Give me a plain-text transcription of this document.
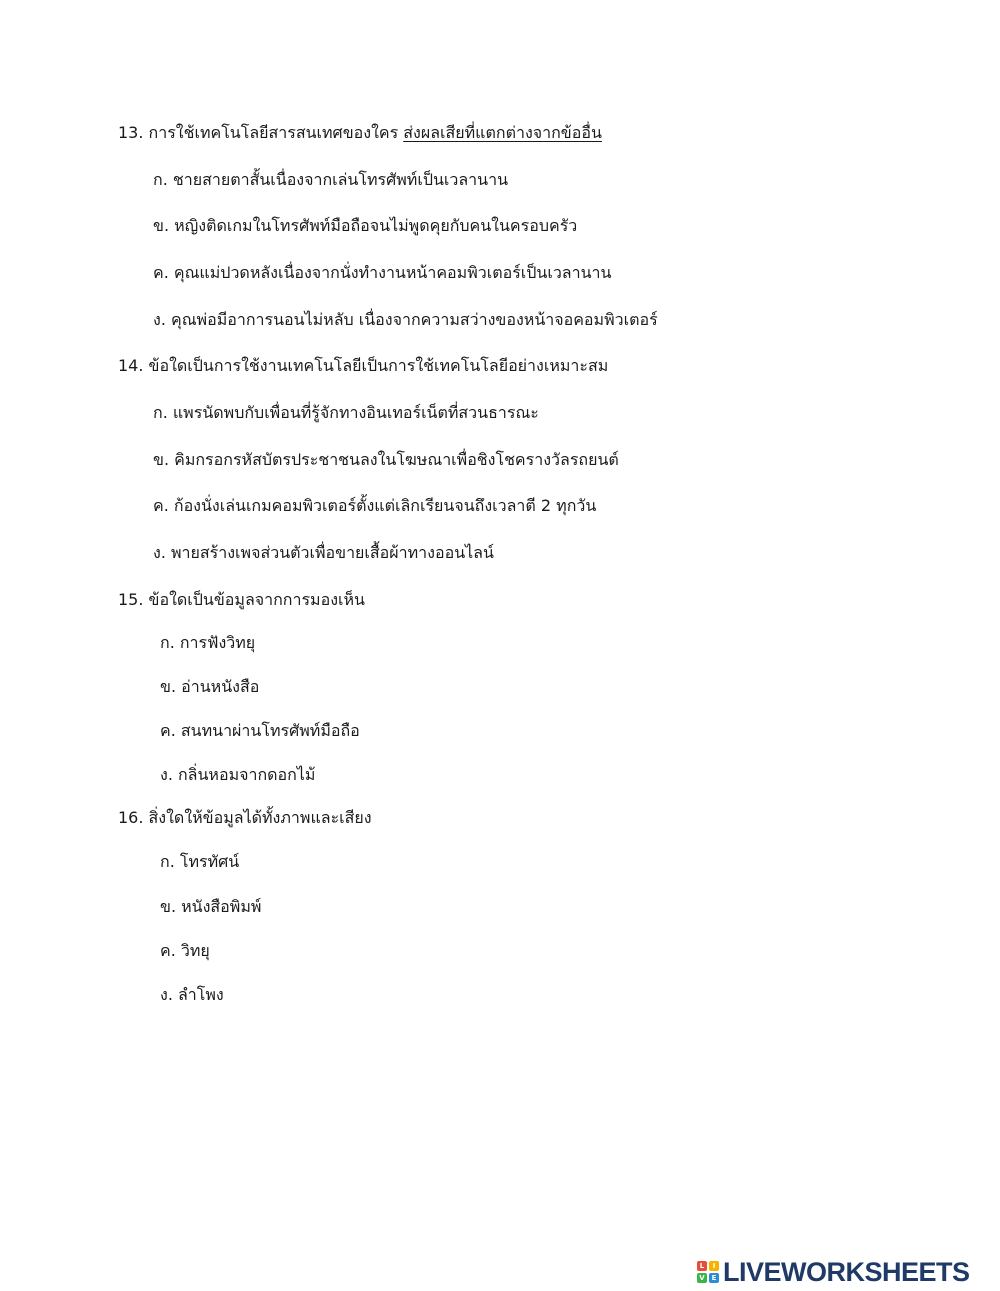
13. การใช้เทคโนโลยีสารสนเทศของใคร ส่งผลเสียที่แตกต่างจากข้ออื่น
ก. ชายสายตาสั้นเนื่องจากเล่นโทรศัพท์เป็นเวลานาน
ข. หญิงติดเกมในโทรศัพท์มือถือจนไม่พูดคุยกับคนในครอบครัว
ค. คุณแม่ปวดหลังเนื่องจากนั่งทำงานหน้าคอมพิวเตอร์เป็นเวลานาน
ง. คุณพ่อมีอาการนอนไม่หลับ เนื่องจากความสว่างของหน้าจอคอมพิวเตอร์
14. ข้อใดเป็นการใช้งานเทคโนโลยีเป็นการใช้เทคโนโลยีอย่างเหมาะสม
ก. แพรนัดพบกับเพื่อนที่รู้จักทางอินเทอร์เน็ตที่สวนธารณะ
ข. คิมกรอกรหัสบัตรประชาชนลงในโฆษณาเพื่อชิงโชครางวัลรถยนต์
ค. ก้องนั่งเล่นเกมคอมพิวเตอร์ตั้งแต่เลิกเรียนจนถึงเวลาตี 2 ทุกวัน
ง. พายสร้างเพจส่วนตัวเพื่อขายเสื้อผ้าทางออนไลน์
15. ข้อใดเป็นข้อมูลจากการมองเห็น
ก. การฟังวิทยุ
ข. อ่านหนังสือ
ค. สนทนาผ่านโทรศัพท์มือถือ
ง. กลิ่นหอมจากดอกไม้
16. สิ่งใดให้ข้อมูลได้ทั้งภาพและเสียง
ก. โทรทัศน์
ข. หนังสือพิมพ์
ค. วิทยุ
ง. ลำโพง
L	I
V E LIVEWORKSHEETS
